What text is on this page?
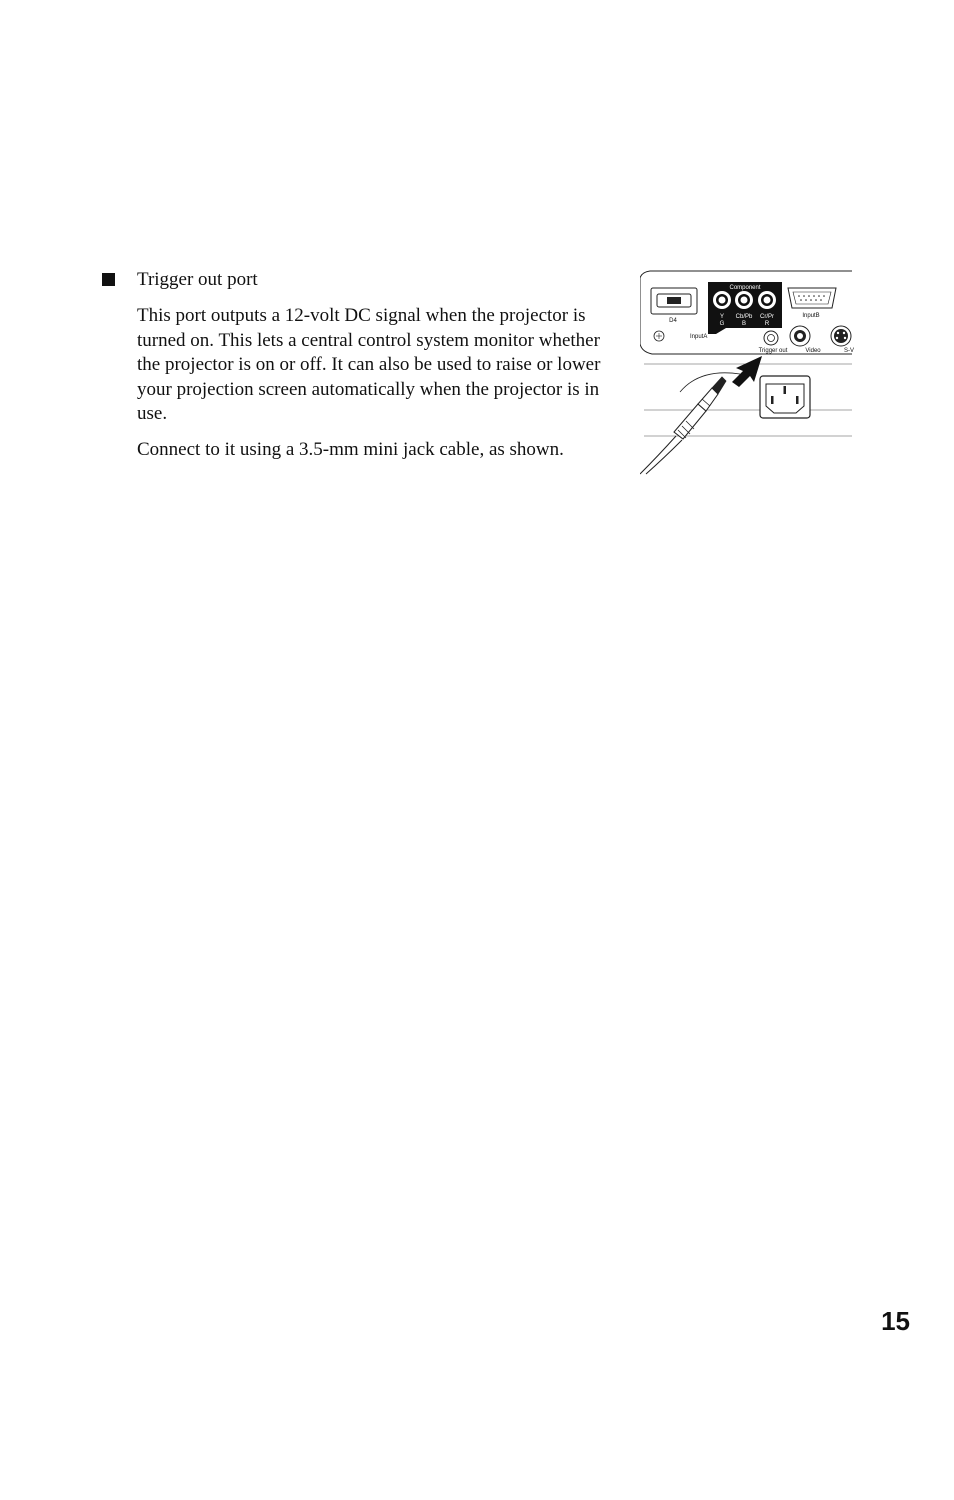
Trigger out port

This port outputs a 12-volt DC signal when the projector is turned on. This lets a central control system monitor whether the projector is on or off. It can also be used to raise or lower your projection screen automatically when the projector is in use.

Connect to it using a 3.5-mm mini jack cable, as shown.

D4
Component
Y
G
Cb/Pb
B
Cr/Pr
R
InputA
InputB
Trigger out	Video	S-V
15
